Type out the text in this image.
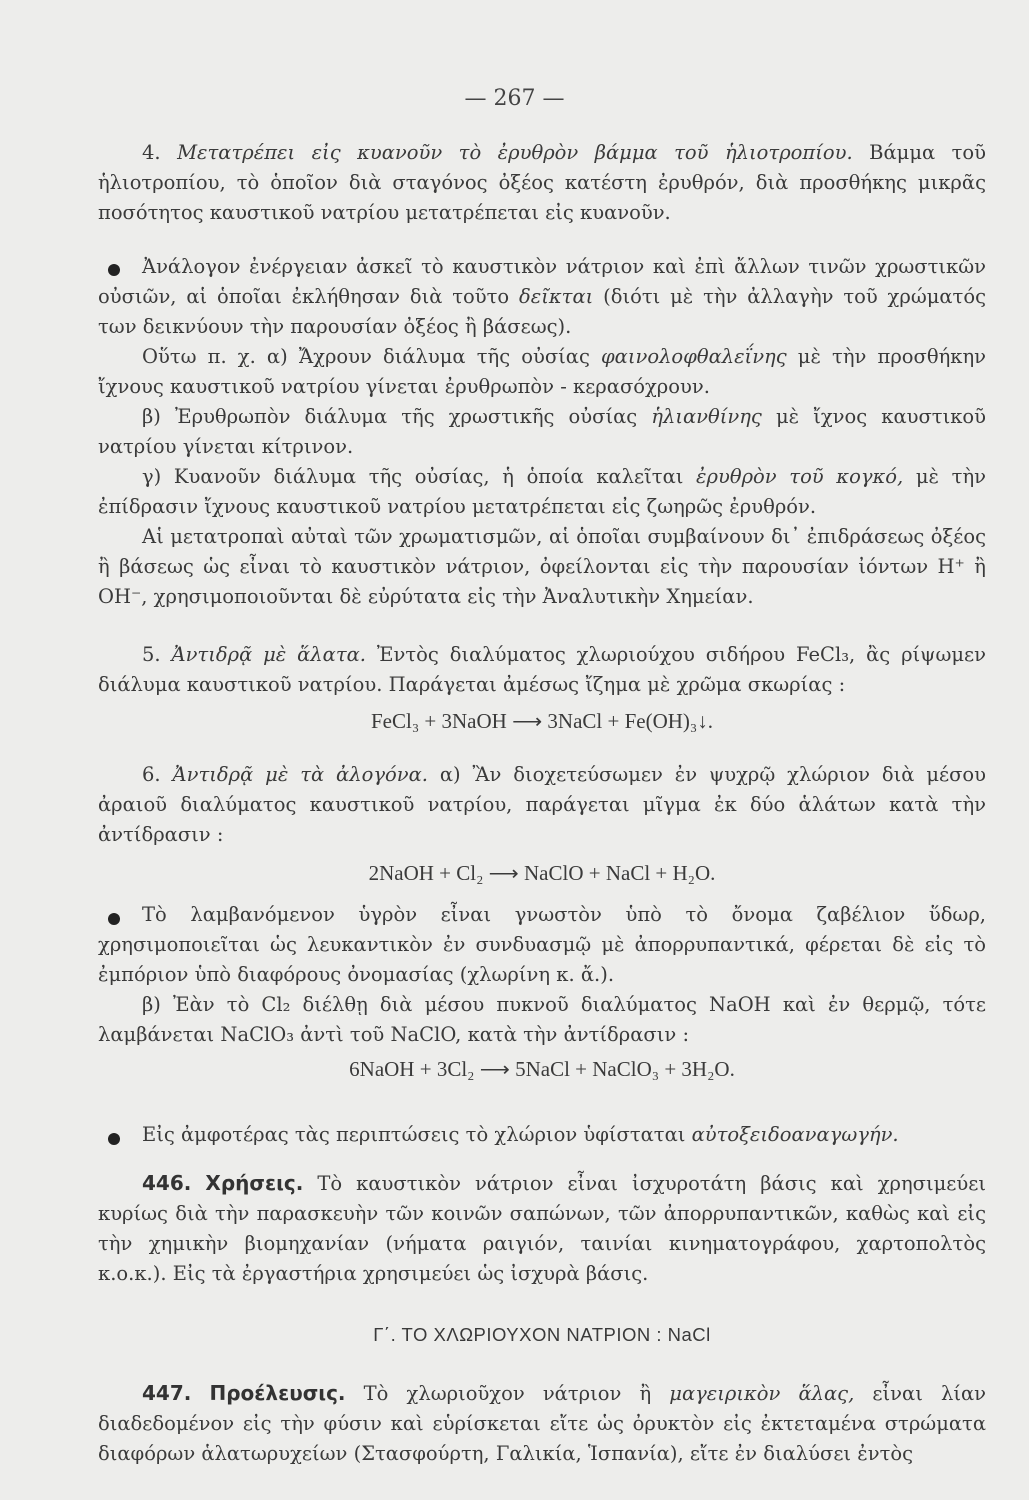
— 267 —

4. Μετατρέπει εἰς κυανοῦν τὸ ἐρυθρὸν βάμμα τοῦ ἡλιοτροπίου. Βάμμα τοῦ ἡλιοτροπίου, τὸ ὁποῖον διὰ σταγόνος ὀξέος κατέστη ἐρυθρόν, διὰ προσθήκης μικρᾶς ποσότητος καυστικοῦ νατρίου μετατρέπεται εἰς κυανοῦν.

Ἀνάλογον ἐνέργειαν ἀσκεῖ τὸ καυστικὸν νάτριον καὶ ἐπὶ ἄλλων τινῶν χρωστικῶν οὐσιῶν, αἱ ὁποῖαι ἐκλήθησαν διὰ τοῦτο δεῖκται (διότι μὲ τὴν ἀλλαγὴν τοῦ χρώματός των δεικνύουν τὴν παρουσίαν ὀξέος ἢ βάσεως).

Οὕτω π. χ. α) Ἄχρουν διάλυμα τῆς οὐσίας φαινολοφθαλεΐνης μὲ τὴν προσθήκην ἴχνους καυστικοῦ νατρίου γίνεται ἐρυθρωπὸν - κερασόχρουν.

β) Ἐρυθρωπὸν διάλυμα τῆς χρωστικῆς οὐσίας ἡλιανθίνης μὲ ἴχνος καυστικοῦ νατρίου γίνεται κίτρινον.

γ) Κυανοῦν διάλυμα τῆς οὐσίας, ἡ ὁποία καλεῖται ἐρυθρὸν τοῦ κογκό, μὲ τὴν ἐπίδρασιν ἴχνους καυστικοῦ νατρίου μετατρέπεται εἰς ζωηρῶς ἐρυθρόν.

Αἱ μετατροπαὶ αὐταὶ τῶν χρωματισμῶν, αἱ ὁποῖαι συμβαίνουν δι᾿ ἐπιδράσεως ὀξέος ἢ βάσεως ὡς εἶναι τὸ καυστικὸν νάτριον, ὀφείλονται εἰς τὴν παρουσίαν ἰόντων H⁺ ἢ OH⁻, χρησιμοποιοῦνται δὲ εὐρύτατα εἰς τὴν Ἀναλυτικὴν Χημείαν.

5. Ἀντιδρᾷ μὲ ἅλατα. Ἐντὸς διαλύματος χλωριούχου σιδήρου FeCl₃, ἂς ρίψωμεν διάλυμα καυστικοῦ νατρίου. Παράγεται ἀμέσως ἴζημα μὲ χρῶμα σκωρίας :

FeCl₃ + 3NaOH ⟶ 3NaCl + Fe(OH)₃↓.

6. Ἀντιδρᾷ μὲ τὰ ἀλογόνα. α) Ἂν διοχετεύσωμεν ἐν ψυχρῷ χλώριον διὰ μέσου ἀραιοῦ διαλύματος καυστικοῦ νατρίου, παράγεται μῖγμα ἐκ δύο ἁλάτων κατὰ τὴν ἀντίδρασιν :

2NaOH + Cl₂ ⟶ NaClO + NaCl + H₂O.

Τὸ λαμβανόμενον ὑγρὸν εἶναι γνωστὸν ὑπὸ τὸ ὄνομα ζαβέλιον ὕδωρ, χρησιμοποιεῖται ὡς λευκαντικὸν ἐν συνδυασμῷ μὲ ἀπορρυπαντικά, φέρεται δὲ εἰς τὸ ἐμπόριον ὑπὸ διαφόρους ὀνομασίας (χλωρίνη κ. ἄ.).

β) Ἐὰν τὸ Cl₂ διέλθῃ διὰ μέσου πυκνοῦ διαλύματος NaOH καὶ ἐν θερμῷ, τότε λαμβάνεται NaClO₃ ἀντὶ τοῦ NaClO, κατὰ τὴν ἀντίδρασιν :

6NaOH + 3Cl₂ ⟶ 5NaCl + NaClO₃ + 3H₂O.

Εἰς ἀμφοτέρας τὰς περιπτώσεις τὸ χλώριον ὑφίσταται αὐτοξειδοαναγωγήν.

446. Χρήσεις. Τὸ καυστικὸν νάτριον εἶναι ἰσχυροτάτη βάσις καὶ χρησιμεύει κυρίως διὰ τὴν παρασκευὴν τῶν κοινῶν σαπώνων, τῶν ἀπορρυπαντικῶν, καθὼς καὶ εἰς τὴν χημικὴν βιομηχανίαν (νήματα ραιγιόν, ταινίαι κινηματογράφου, χαρτοπολτὸς κ.ο.κ.). Εἰς τὰ ἐργαστήρια χρησιμεύει ὡς ἰσχυρὰ βάσις.

Γ΄. ΤΟ ΧΛΩΡΙΟΥΧΟΝ ΝΑΤΡΙΟΝ : NaCl

447. Προέλευσις. Τὸ χλωριοῦχον νάτριον ἢ μαγειρικὸν ἅλας, εἶναι λίαν διαδεδομένον εἰς τὴν φύσιν καὶ εὑρίσκεται εἴτε ὡς ὀρυκτὸν εἰς ἐκτεταμένα στρώματα διαφόρων ἁλατωρυχείων (Στασφούρτη, Γαλικία, Ἱσπανία), εἴτε ἐν διαλύσει ἐντὸς
